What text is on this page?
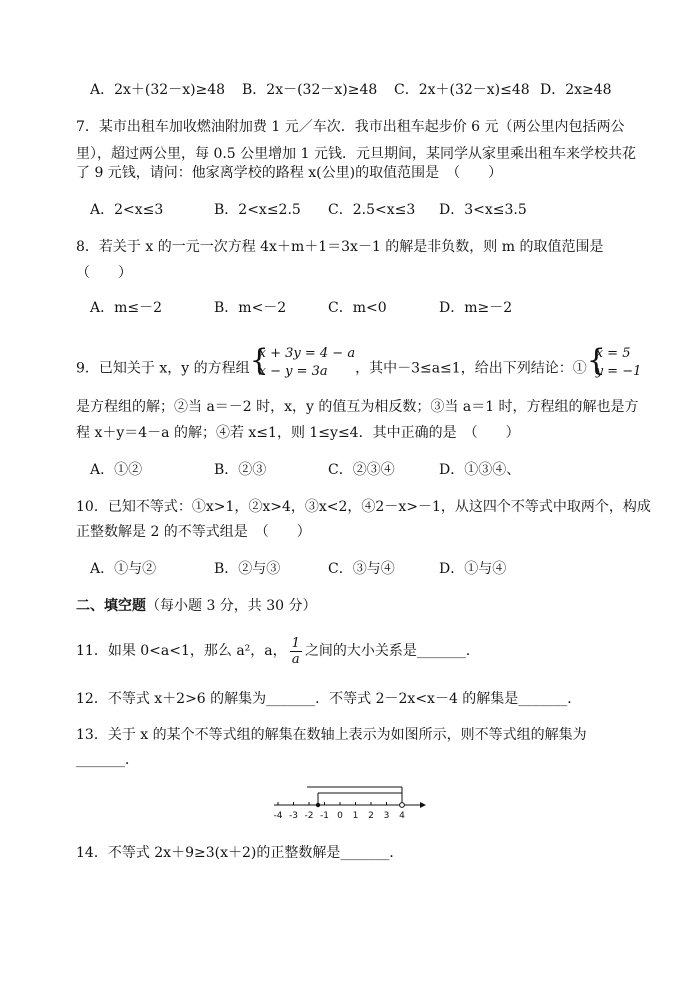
A．2x＋(32－x)≥48 B．2x－(32－x)≥48 C．2x＋(32－x)≤48 D．2x≥48
7．某市出租车加收燃油附加费 1 元／车次．我市出租车起步价 6 元（两公里内包括两公
里），超过两公里，每 0.5 公里增加 1 元钱．元旦期间，某同学从家里乘出租车来学校共花
了 9 元钱，请问：他家离学校的路程 x(公里)的取值范围是　（　　）
A．2<x≤3	B．2<x≤2.5 C．2.5<x≤3 D．3<x≤3.5
8．若关于 x 的一元一次方程 4x＋m＋1＝3x－1 的解是非负数，则 m 的取值范围是
（　　）
A．m≤－2	B．m<－2	C．m<0	D．m≥－2
9．已知关于 x，y 的方程组 {
x + 3y = 4 − a
x − y = 3a	，其中－3≤a≤1，给出下列结论：① {
x = 5
y = −1
是方程组的解；②当 a＝－2 时，x，y 的值互为相反数；③当 a＝1 时，方程组的解也是方
程 x＋y＝4－a 的解；④若 x≤1，则 1≤y≤4．其中正确的是　（　　）
A．①②	B．②③	C．②③④	D．①③④、
10．已知不等式：①x>1，②x>4，③x<2，④2－x>－1，从这四个不等式中取两个，构成
正整数解是 2 的不等式组是　（　　）
A．①与②	B．②与③	C．③与④	D．①与④
二、填空题（每小题 3 分，共 30 分）
11．如果 0<a<1，那么 a²，a， $\frac{1}{a}$ 之间的大小关系是_______．
12．不等式 x＋2>6 的解集为_______．不等式 2－2x<x－4 的解集是_______．
13．关于 x 的某个不等式组的解集在数轴上表示为如图所示，则不等式组的解集为
_______．
-4 -3 -2 -1 0 1 2 3 4
14．不等式 2x＋9≥3(x＋2)的正整数解是_______．
